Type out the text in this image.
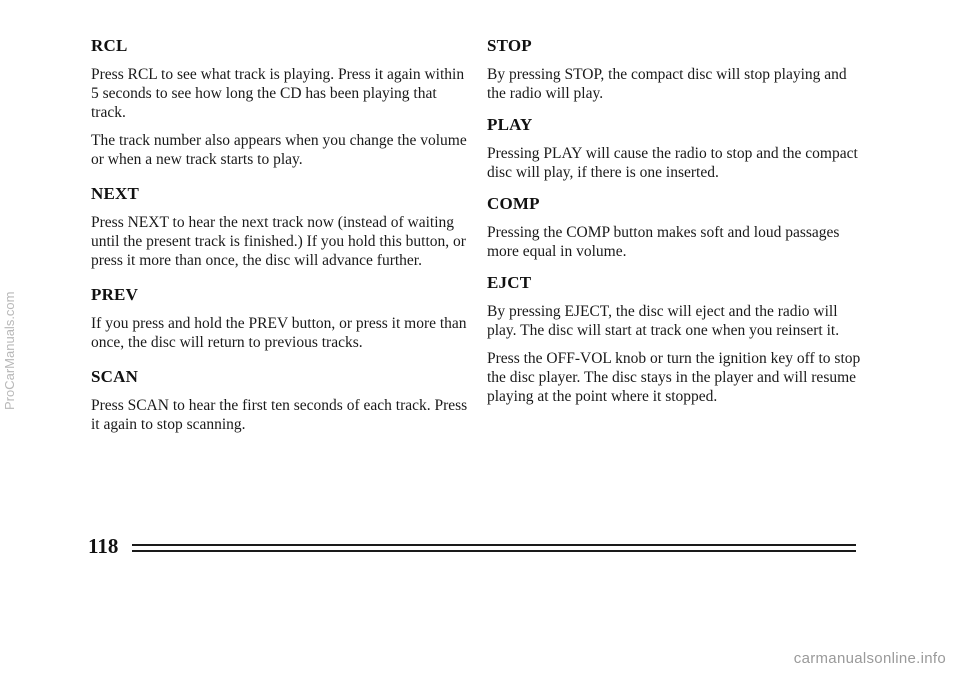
RCL

Press RCL to see what track is playing. Press it again within 5 seconds to see how long the CD has been playing that track.

The track number also appears when you change the volume or when a new track starts to play.

NEXT

Press NEXT to hear the next track now (instead of waiting until the present track is finished.) If you hold this button, or press it more than once, the disc will advance further.

PREV

If you press and hold the PREV button, or press it more than once, the disc will return to previous tracks.

SCAN

Press SCAN to hear the first ten seconds of each track. Press it again to stop scanning.

STOP

By pressing STOP, the compact disc will stop playing and the radio will play.

PLAY

Pressing PLAY will cause the radio to stop and the compact disc will play, if there is one inserted.

COMP

Pressing the COMP button makes soft and loud passages more equal in volume.

EJCT

By pressing EJECT, the disc will eject and the radio will play. The disc will start at track one when you reinsert it.

Press the OFF-VOL knob or turn the ignition key off to stop the disc player. The disc stays in the player and will resume playing at the point where it stopped.

118
ProCarManuals.com
carmanualsonline.info
